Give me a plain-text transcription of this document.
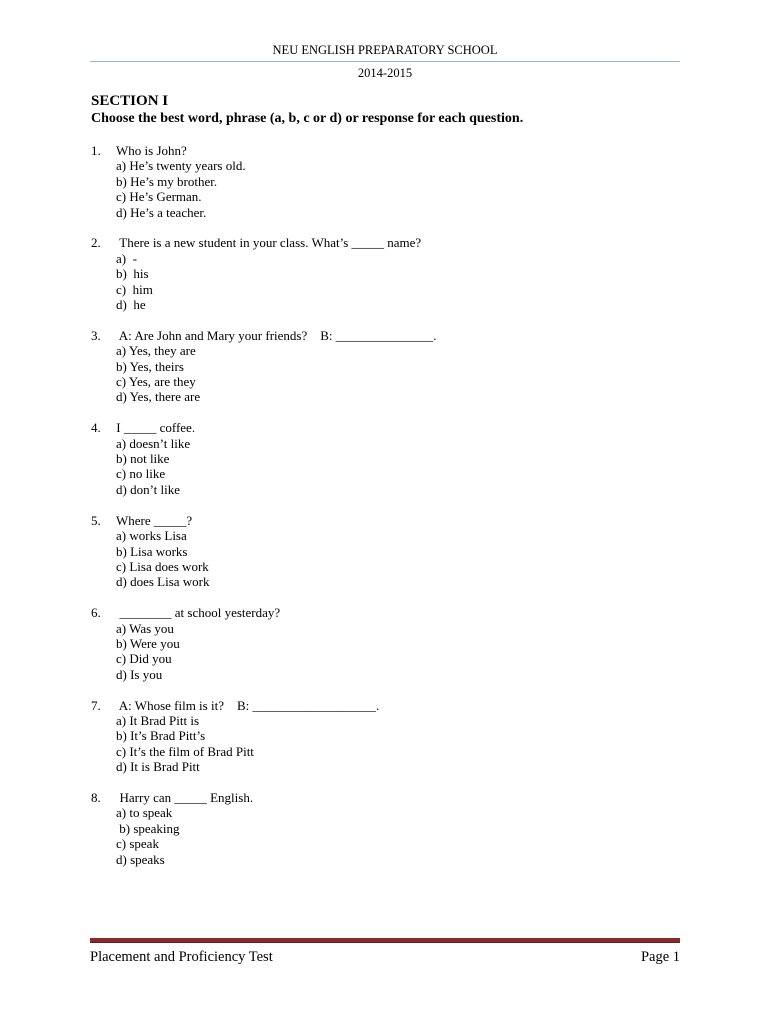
NEU ENGLISH PREPARATORY SCHOOL
2014-2015
SECTION I
Choose the best word, phrase (a, b, c or d) or response for each question.
1. Who is John?
a) He’s twenty years old.
b) He’s my brother.
c) He’s German.
d) He’s a teacher.
2.  There is a new student in your class. What’s _____ name?
a)  -
b)  his
c)  him
d)  he
3.  A: Are John and Mary your friends?    B: _______________.
a) Yes, they are
b) Yes, theirs
c) Yes, are they
d) Yes, there are
4. I _____ coffee.
a) doesn’t like
b) not like
c) no like
d) don’t like
5. Where _____?
a) works Lisa
b) Lisa works
c) Lisa does work
d) does Lisa work
6.  ________ at school yesterday?
a) Was you
b) Were you
c) Did you
d) Is you
7.  A: Whose film is it?    B: ___________________.
a) It Brad Pitt is
b) It’s Brad Pitt’s
c) It’s the film of Brad Pitt
d) It is Brad Pitt
8.  Harry can _____ English.
a) to speak
b) speaking
c) speak
d) speaks
Placement and Proficiency Test	Page 1
